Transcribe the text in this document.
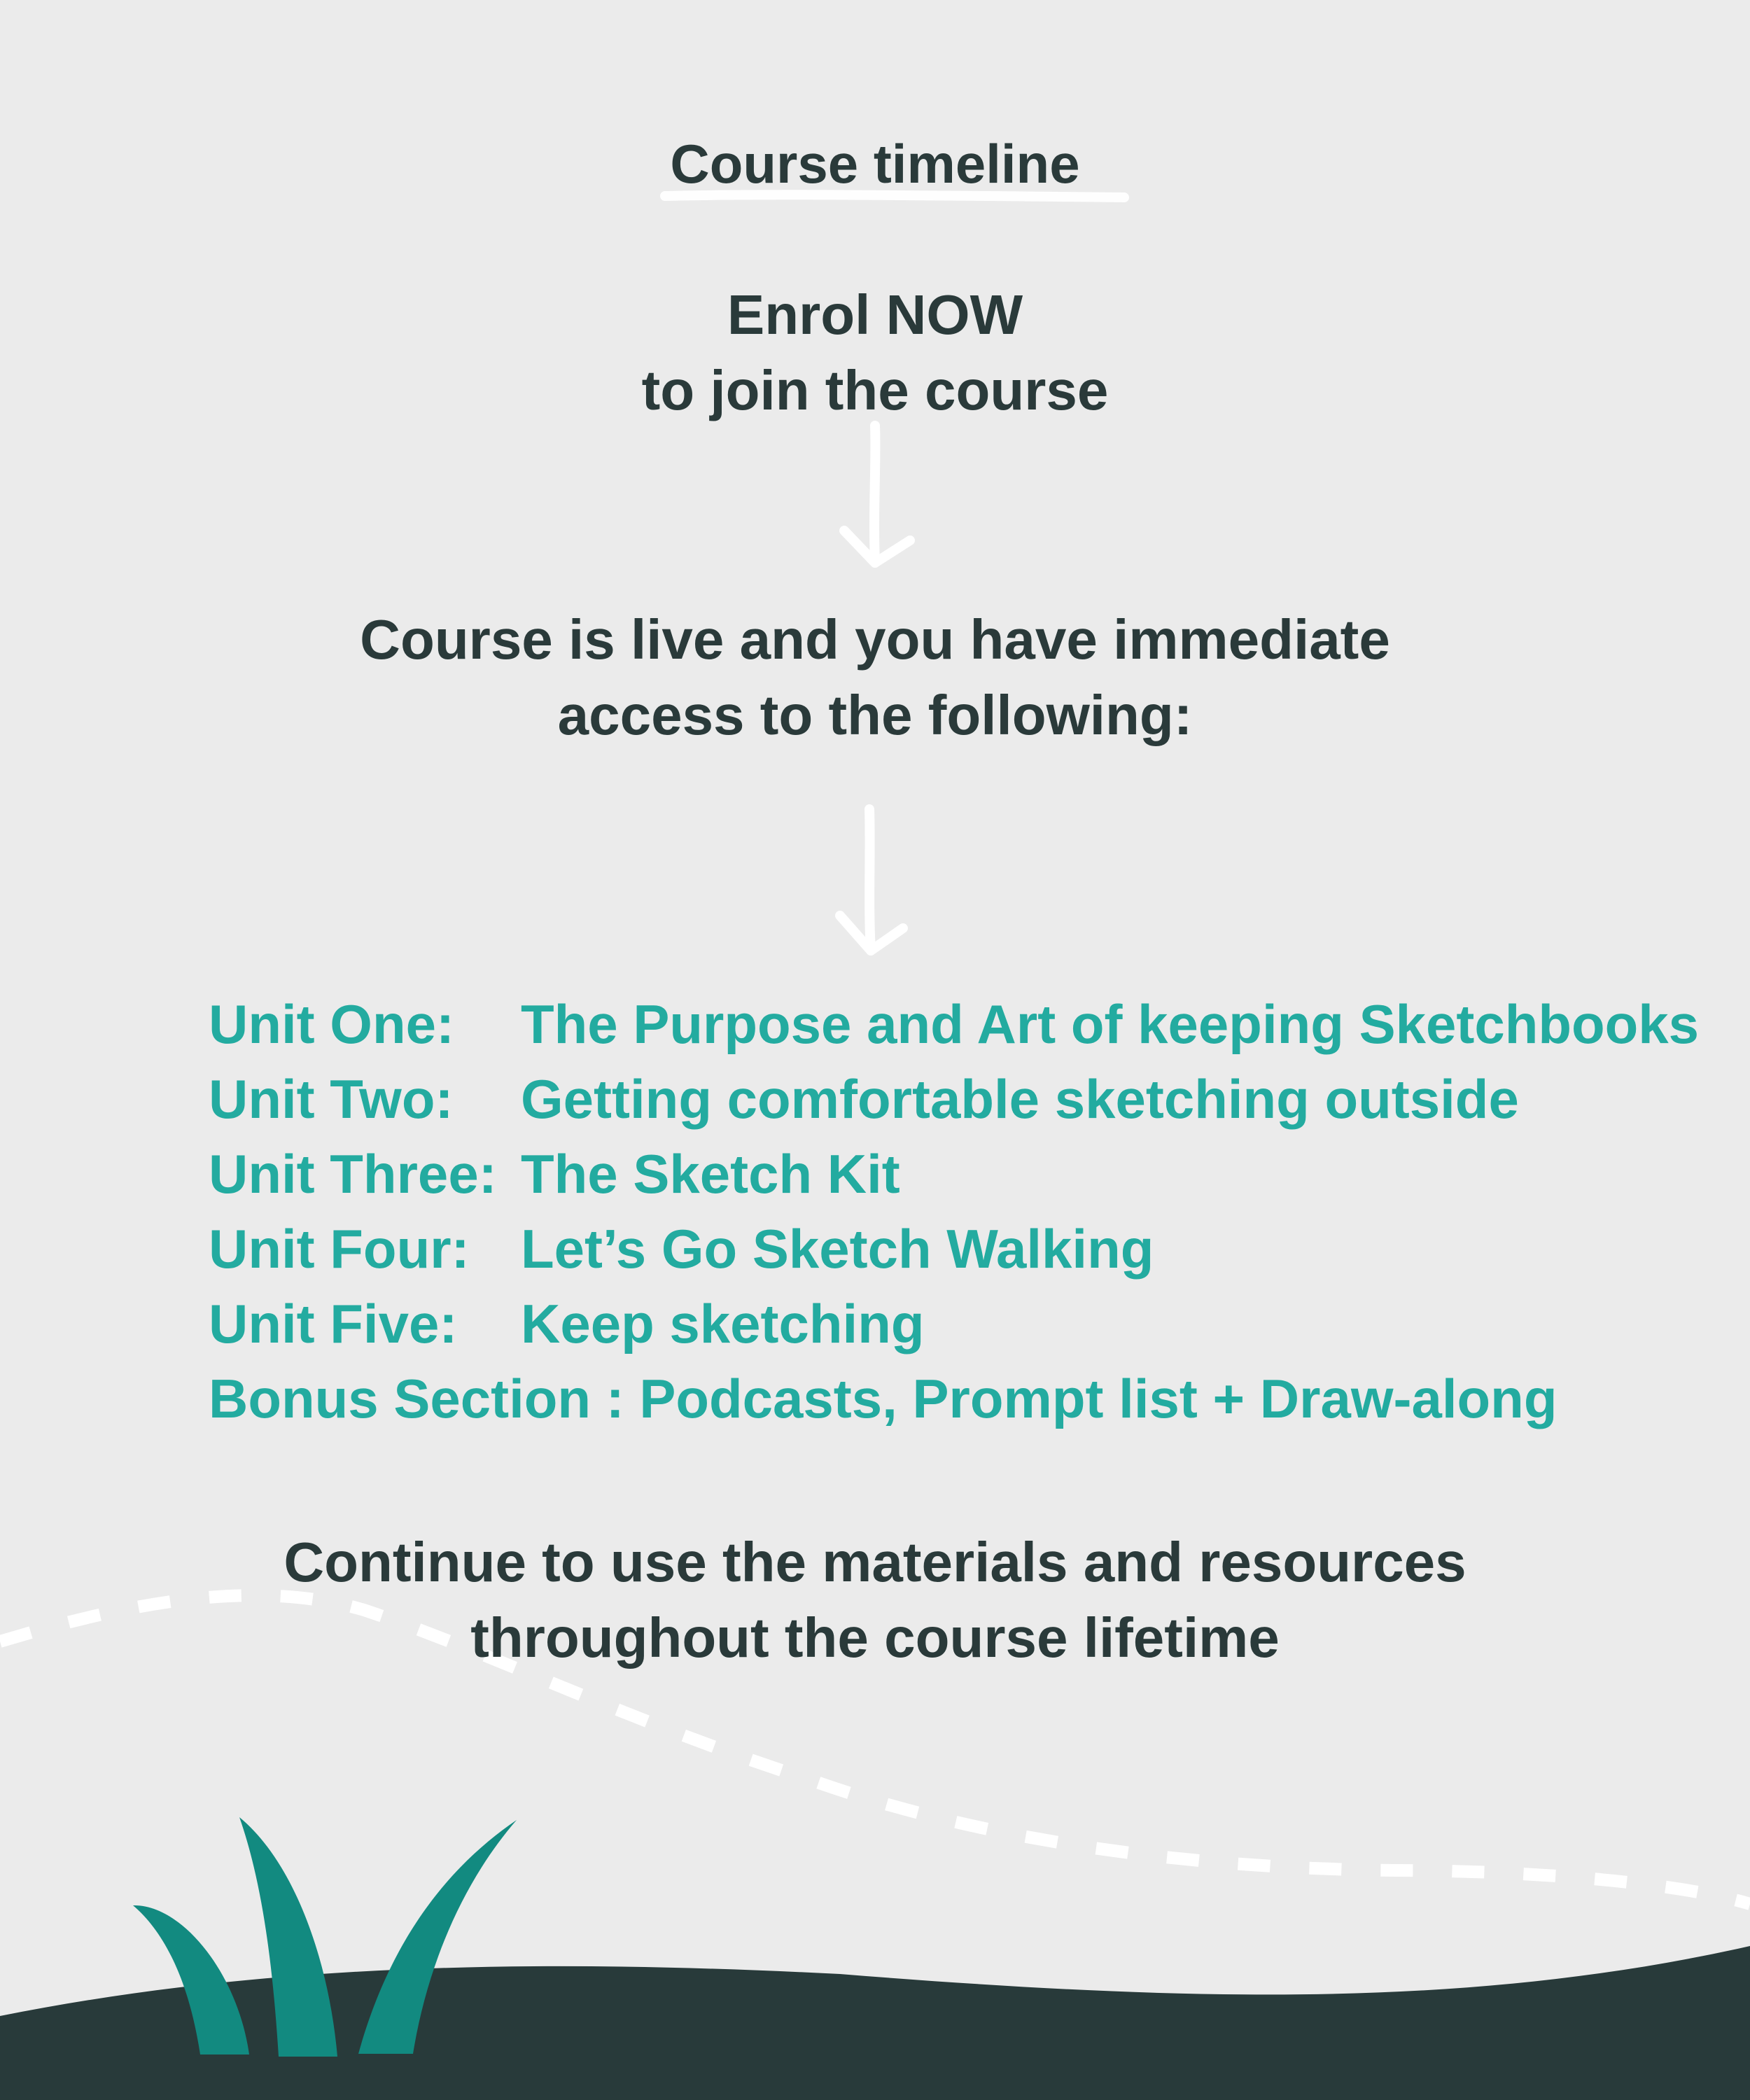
Course timeline
Enrol NOW
to join the course
Course is live and you have immediate
access to the following:
Unit One: The Purpose and Art of keeping Sketchbooks
Unit Two: Getting comfortable sketching outside
Unit Three: The Sketch Kit
Unit Four: Let’s Go Sketch Walking
Unit Five: Keep sketching
Bonus Section : Podcasts, Prompt list + Draw-along
Continue to use the materials and resources
throughout the course lifetime
